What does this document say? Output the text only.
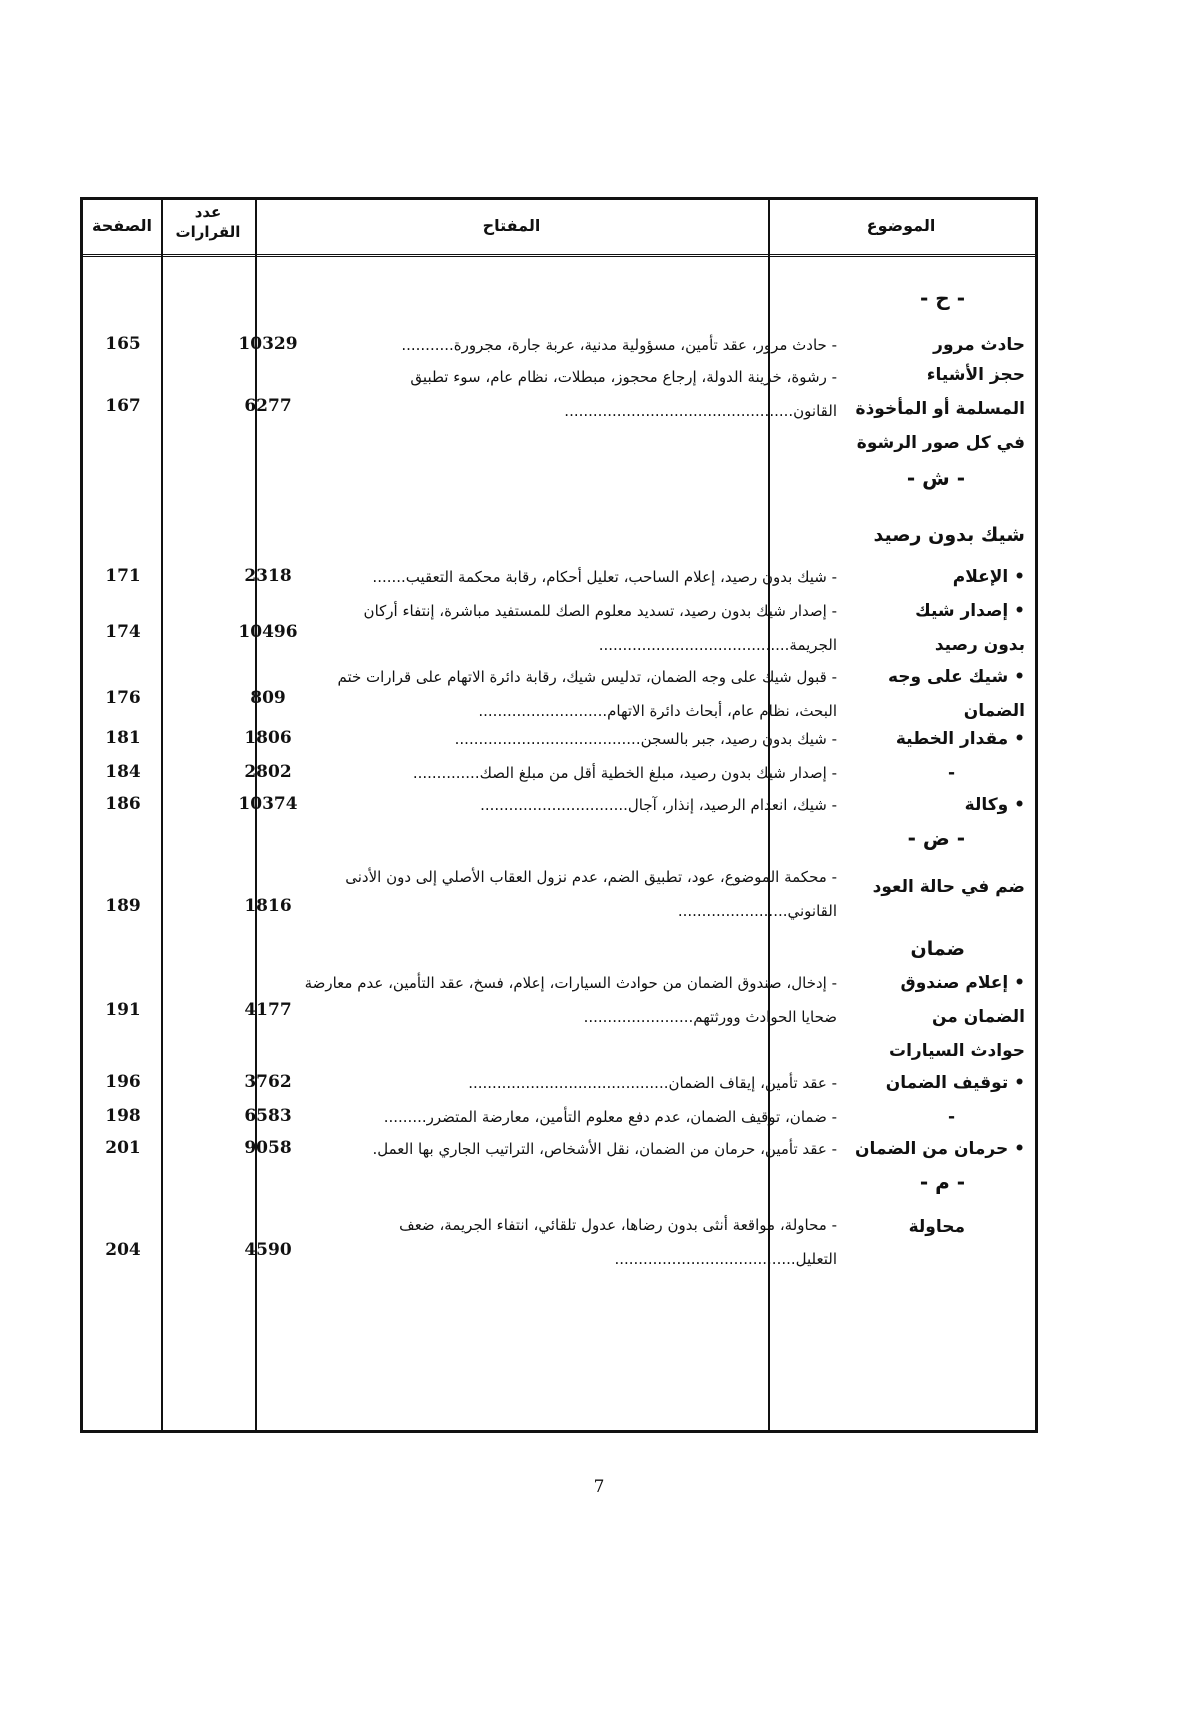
الموضوع
المفتاح
عدد
القرارات
الصفحة
- ح -
حادث مرور
- حادث مرور، عقد تأمين، مسؤولية مدنية، عربة جارة، مجرورة...........
10329
165
حجز الأشياء المسلمة أو المأخوذة في كل صور الرشوة
- رشوة، خزينة الدولة، إرجاع محجوز، مبطلات، نظام عام، سوء تطبيق القانون................................................
6277
167
- ش -
شيك بدون رصيد
• الإعلام
- شيك بدون رصيد، إعلام الساحب، تعليل أحكام، رقابة محكمة التعقيب.......
2318
171
• إصدار شيك بدون رصيد
- إصدار شيك بدون رصيد، تسديد معلوم الصك للمستفيد مباشرة، إنتفاء أركان الجريمة........................................
10496
174
• شيك على وجه الضمان
- قبول شيك على وجه الضمان، تدليس شيك، رقابة دائرة الاتهام على قرارات ختم البحث، نظام عام، أبحاث دائرة الاتهام...........................
809
176
• مقدار الخطية
- شيك بدون رصيد، جبر بالسجن.......................................
1806
181
-
- إصدار شيك بدون رصيد، مبلغ الخطية أقل من مبلغ الصك..............
2802
184
• وكالة
- شيك، انعدام الرصيد، إنذار، آجال...............................
10374
186
- ض -
ضم في حالة العود
- محكمة الموضوع، عود، تطبيق الضم، عدم نزول العقاب الأصلي إلى دون الأدنى القانوني.......................
1816
189
ضمان
• إعلام صندوق الضمان من حوادث السيارات
- إدخال، صندوق الضمان من حوادث السيارات، إعلام، فسخ، عقد التأمين، عدم معارضة ضحايا الحوادث وورثتهم.......................
4177
191
• توقيف الضمان
- عقد تأمين، إيقاف الضمان..........................................
3762
196
-
- ضمان، توقيف الضمان، عدم دفع معلوم التأمين، معارضة المتضرر.........
6583
198
• حرمان من الضمان
- عقد تأمين، حرمان من الضمان، نقل الأشخاص، التراتيب الجاري بها العمل.
9058
201
- م -
محاولة
- محاولة، مواقعة أنثى بدون رضاها، عدول تلقائي، انتفاء الجريمة، ضعف التعليل......................................
4590
204
7
